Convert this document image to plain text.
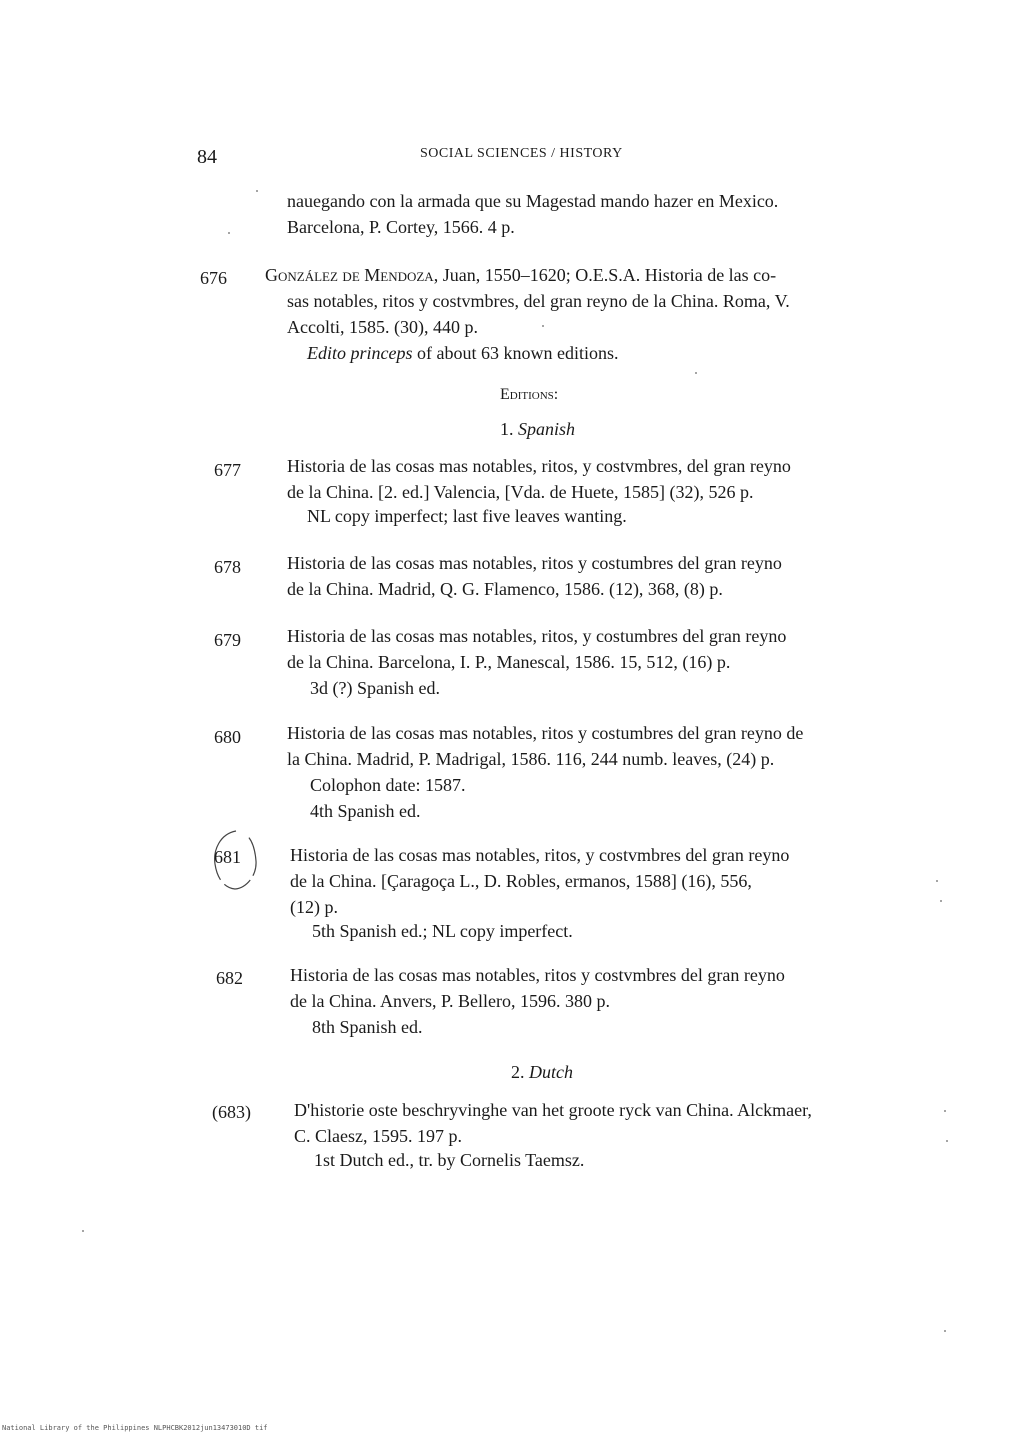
84	SOCIAL SCIENCES / HISTORY
nauegando con la armada que su Magestad mando hazer en Mexico.
Barcelona, P. Cortey, 1566. 4 p.
676 González de Mendoza, Juan, 1550–1620; O.E.S.A. Historia de las co-
sas notables, ritos y costvmbres, del gran reyno de la China. Roma, V.
Accolti, 1585. (30), 440 p.
Edito princeps of about 63 known editions.
Editions:
1. Spanish
677	Historia de las cosas mas notables, ritos, y costvmbres, del gran reyno
de la China. [2. ed.] Valencia, [Vda. de Huete, 1585] (32), 526 p.
NL copy imperfect; last five leaves wanting.
678	Historia de las cosas mas notables, ritos y costumbres del gran reyno
de la China. Madrid, Q. G. Flamenco, 1586. (12), 368, (8) p.
679	Historia de las cosas mas notables, ritos, y costumbres del gran reyno
de la China. Barcelona, I. P., Manescal, 1586. 15, 512, (16) p.
3d (?) Spanish ed.
680	Historia de las cosas mas notables, ritos y costumbres del gran reyno de
la China. Madrid, P. Madrigal, 1586. 116, 244 numb. leaves, (24) p.
Colophon date: 1587.
4th Spanish ed.
681	Historia de las cosas mas notables, ritos, y costvmbres del gran reyno
de la China. [Çaragoça L., D. Robles, ermanos, 1588] (16), 556,
(12) p.
5th Spanish ed.; NL copy imperfect.
682	Historia de las cosas mas notables, ritos y costvmbres del gran reyno
de la China. Anvers, P. Bellero, 1596. 380 p.
8th Spanish ed.
2. Dutch
(683) D'historie oste beschryvinghe van het groote ryck van China. Alckmaer,
C. Claesz, 1595. 197 p.
1st Dutch ed., tr. by Cornelis Taemsz.
National Library of the Philippines NLPHCBK2012jun13473010D tif
